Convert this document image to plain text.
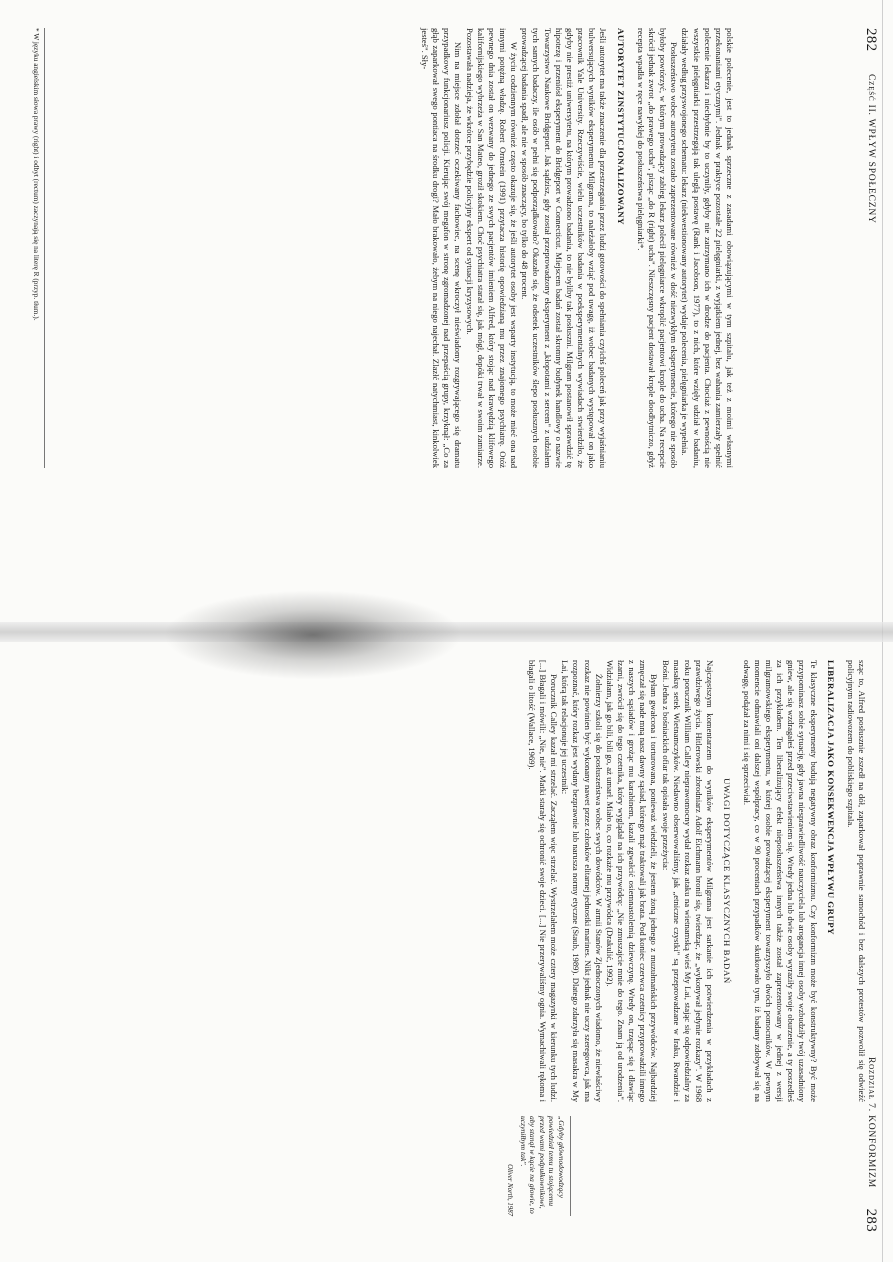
282
Część II. WPŁYW SPOŁECZNY

polskie polecenie, jest to jednak sprzeczne z zasadami obowiązującymi w tym szpitalu, jak też z moimi własnymi przekonaniami etycznymi". Jednak w praktyce pozostałe 22 pielęgniarki, z wyjątkiem jednej, bez wahania zamierzały spełnić polecenie lekarza i niechybnie by to uczyniły, gdyby nie zatrzymano ich w drodze do pacjenta. Chociaż z pewnością nie wszystkie pielęgniarki przestrzegają tak uległą postawę (Rank i Jacobson, 1977), to z nich, które wzięły udział w badaniu, działały według przyswojonego schematu: lekarz (niekwestionowany autorytet) wydaje polecenia, pielęgniarka je wypełnia.

Posłuszeństwo wobec autorytetu zostało zaprezentowane również w dość niezwykłym eksperymencie, którego nie sposób byłoby powtórzyć, w którym prowadzący zabieg lekarz polecił pielęgniarce wkroplić pacjentowi krople do ucha. Na recepcie skrócił jednak zwrot „do prawego ucha", pisząc „do R (right) ucha". Nieszczęsny pacjent dostawał krople doodbytniczo, gdyż recepta wpadła w ręce nawykłej do posłuszeństwa pielęgniarki*.

AUTORYTET ZINSTYTUCJONALIZOWANY

Jeśli autorytet ma także znaczenie dla przestrzegania przez ludzi gotowości do spełniania czyichś poleceń jak przy wyjaśnianiu bulwersujących wyników eksperymentu Milgrama, to należałoby wziąć pod uwagę, iż wobec badanych występował on jako pracownik Yale University. Rzeczywiście, wielu uczestników badania w poeksperymentalnych wywiadach stwierdziło, że gdyby nie prestiż uniwersytetu, na którym prowadzono badania, to nie byliby tak posłuszni. Milgram postanowił sprawdzić tę hipotezę i przeniósł eksperyment do Bridgeport w Connecticut. Miejscem badań został skromny budynek handlowy o nazwie Towarzystwo Naukowe Bridgeport. Jak sądzisz, gdy został przeprowadzony eksperyment z „kłopotami z sercem" z udziałem tych samych badaczy, ile osób w pełni się podporządkowało? Okazało się, że odsetek uczestników ślepo posłusznych osobie prowadzącej badania spadł, ale nie w sposób znaczący, bo tylko do 48 procent.

W życiu codziennym również często okazuje się, że jeśli autorytet osoby jest wsparty instytucją, to może mieć ona nad innymi potężną władzę. Robert Ornstein (1991) przytacza historię opowiedzianą mu przez znajomego psychiatrę. Otóż pewnego dnia został on wezwany do jednego ze swych pacjentów imieniem Alfred, który stojąc nad krawędzią klifowego kalifornijskiego wybrzeża w San Mateo, groził skokiem. Choć psychiatra starał się, jak mógł, dopóki trwał w swoim zamiarze. Pozostawała nadzieja, że wkrótce przybędzie policyjny ekspert od sytuacji kryzysowych.

Nim na miejsce zdołał dotrzeć oczekiwany fachowiec, na scenę wkroczył nieświadomy rozgrywającego się dramatu przypadkowy funkcjonariusz policji. Kierując swój megafon w stronę zgromadzonej nad przepaścią grupy, krzyknął: „Co za głąb zaparkował swego pontiaca na środku drogi? Mało brakowało, żebym na niego najechał. Zlazłć natychmiast, kinkolwiek jesteś". Sły-

* W języku angielskim słowa prawy (right) i odbyt (rectum) zaczynają się na literę R (przyp. tłum.).
283
Rozdział 7. KONFORMIZM

sząc to, Alfred posłusznie zszedł na dół, zaparkował poprawnie samochód i bez dalszych protestów pozwolił się odwieźć policyjnym radiowozem do pobliskiego szpitala.

LIBERALIZACJA JAKO KONSEKWENCJA WPŁYWU GRUPY

Te klasyczne eksperymenty budują negatywny obraz konformizmu. Czy konformizm może być konstruktywny? Być może przypominasz sobie sytuację, gdy jawna niesprawiedliwość nauczyciela lub arogancja innej osoby wzbudziły twój uzasadniony gniew, ale się wzdragałeś przed przeciwstawieniem się. Wtedy jedna lub dwie osoby wyraziły swoje oburzenie, a ty poszedłeś za ich przykładem. Ten liberalizujący efekt nieposłuszeństwa innych także został zaprezentowany w jednej z wersji milgramowskiego eksperymentu, w której osobie prowadzącej eksperyment towarzyszyło dwóch pomocników. W pewnym momencie odmawiali oni dalszej współpracy, co w 90 procentach przypadków skutkowało tym, iż badany zdobywał się na odwagę, podążał za nimi i się sprzeciwiał.

UWAGI DOTYCZĄCE KLASYCZNYCH BADAŃ

Najczęstszym komentarzem do wyników eksperymentów Milgrama jest sarkanie ich potwierdzenia w przykładach z prawdziwego życia. Hitlerowski zbrodniarz Adolf Eichmann bronił się, twierdząc, że „wykonywał jedynie rozkazy". W 1968 roku porucznik William Calley nieprawomocny wydał rozkaz ataku na wietnamską wieś My Lai, stając się odpowiedzialny za masakrę setek Wietnamczyków. Niedawno obserwowaliśmy, jak „etniczne czystki" są przeprowadzane w Iraku, Rwandzie i Bośni. Jedna z bośniackich ofiar tak opisała swoje przeżycia:

Byłam gwałcona i torturowana, ponieważ wiedzieli, że jestem żoną jednego z muzułmańskich przywódców. Najbardziej zmęczał się nade mną nasz dawny sąsiad, którego mąż traktowali jak brata. Pod koniec czerwca czetnicy przyprowadzili innego z naszych sąsiadów i grożąc mu karabinem, kazali zgwałcić osiemnastoletnią dziewczynę. Wtedy on, trzęsąc się i dławiąc łzami, zwrócił się do tego czetnika, który wyglądał na ich przywódcę: „Nie zmuszajcie mnie do tego. Znam ją od urodzenia". Widziałam, jak go bili, bili go, aż umarł. Miało to, co rozkaże mu przywódca (Drakulić, 1992).

Żołnierzy szkoli się do posłuszeństwa wobec swych dowódców. W armii Stanów Zjednoczonych wiadomo, że niewłaściwy rozkaz nie powinien być wykonany nawet przez członków elitarnej jednostki marines. Nikt jednak nie uczy szeregowca, jak ma rozpoznać, który rozkaz jest wydany bezprawnie lub narusza normy etyczne (Staub, 1989). Dlatego zdarzyła się masakra w My Lai, którą tak relacjonuje jej uczestnik:

Porucznik Calley kazał mi strzelać. Zacząłem więc strzelać. Wystrzelałem może cztery magazynki w kierunku tych ludzi. [...] Błagali i mówili: „Nie, nie". Matki starały się ochronić swoje dzieci. [...] Nie przerywaliśmy ognia. Wymachiwali rękoma i błagali o litość (Wallace, 1969).

„Gdyby głównodowodzący powiedział temu tu stojącemu przed wami podpułkownikowi, aby stanął w kącie na głowie, to uczyniłbym tak".
Oliver North, 1987
